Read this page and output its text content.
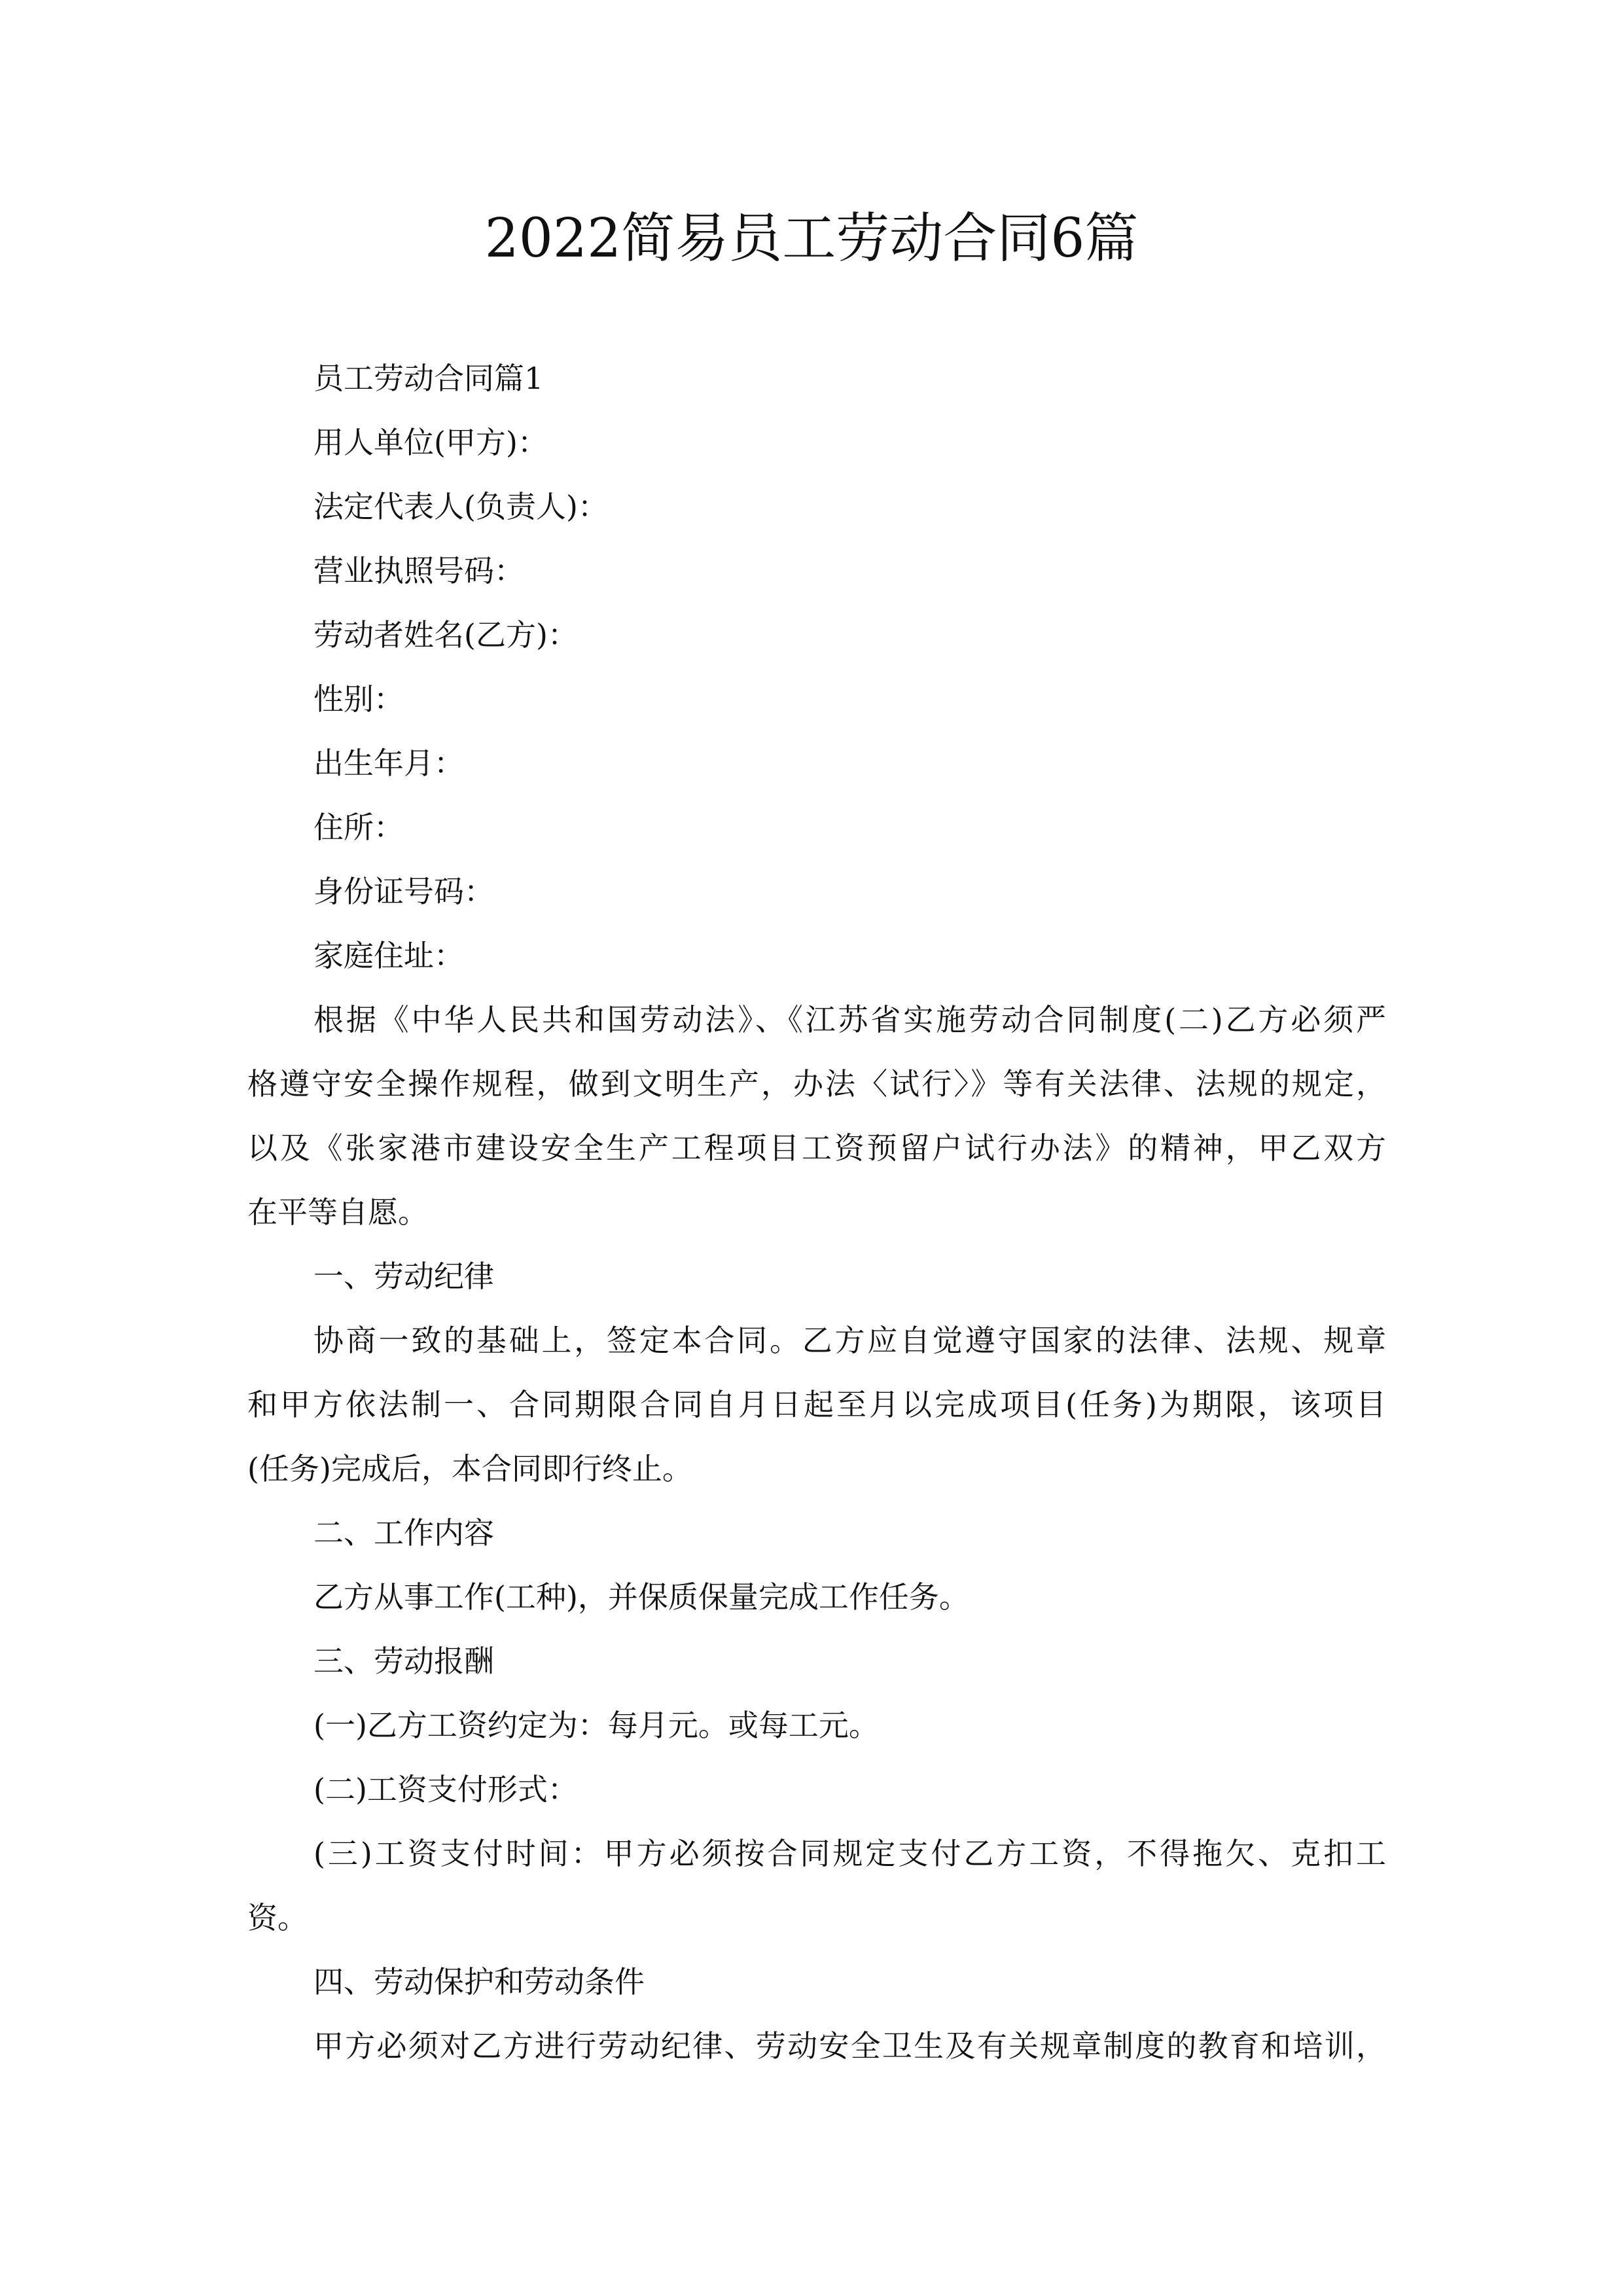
2022简易员工劳动合同6篇
员工劳动合同篇1
用人单位(甲方)：
法定代表人(负责人)：
营业执照号码：
劳动者姓名(乙方)：
性别：
出生年月：
住所：
身份证号码：
家庭住址：
根据《中华人民共和国劳动法》、《江苏省实施劳动合同制度(二)乙方必须严
格遵守安全操作规程，做到文明生产，办法〈试行〉》等有关法律、法规的规定，
以及《张家港市建设安全生产工程项目工资预留户试行办法》的精神，甲乙双方
在平等自愿。
一、劳动纪律
协商一致的基础上，签定本合同。乙方应自觉遵守国家的法律、法规、规章
和甲方依法制一、合同期限合同自月日起至月以完成项目(任务)为期限，该项目
(任务)完成后，本合同即行终止。
二、工作内容
乙方从事工作(工种)，并保质保量完成工作任务。
三、劳动报酬
(一)乙方工资约定为：每月元。或每工元。
(二)工资支付形式：
(三)工资支付时间：甲方必须按合同规定支付乙方工资，不得拖欠、克扣工
资。
四、劳动保护和劳动条件
甲方必须对乙方进行劳动纪律、劳动安全卫生及有关规章制度的教育和培训，
